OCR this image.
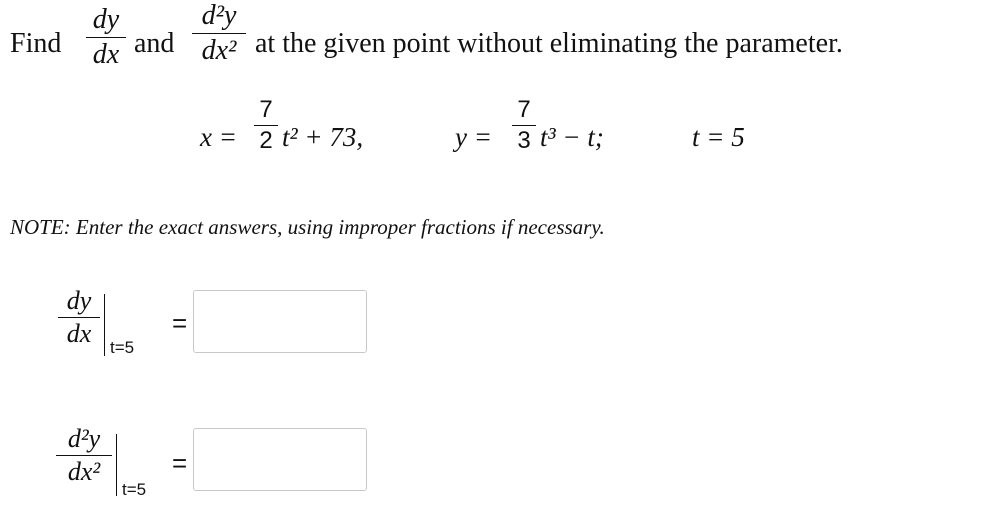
Find
dy
dx and
d²y
dx² at the given point without eliminating the parameter.
x =
7
2 t² + 73,	y =
7
3 t³ − t;	t = 5
NOTE: Enter the exact answers, using improper fractions if necessary.
dy
dx	t=5
=
d²y
dx²
t=5
=
